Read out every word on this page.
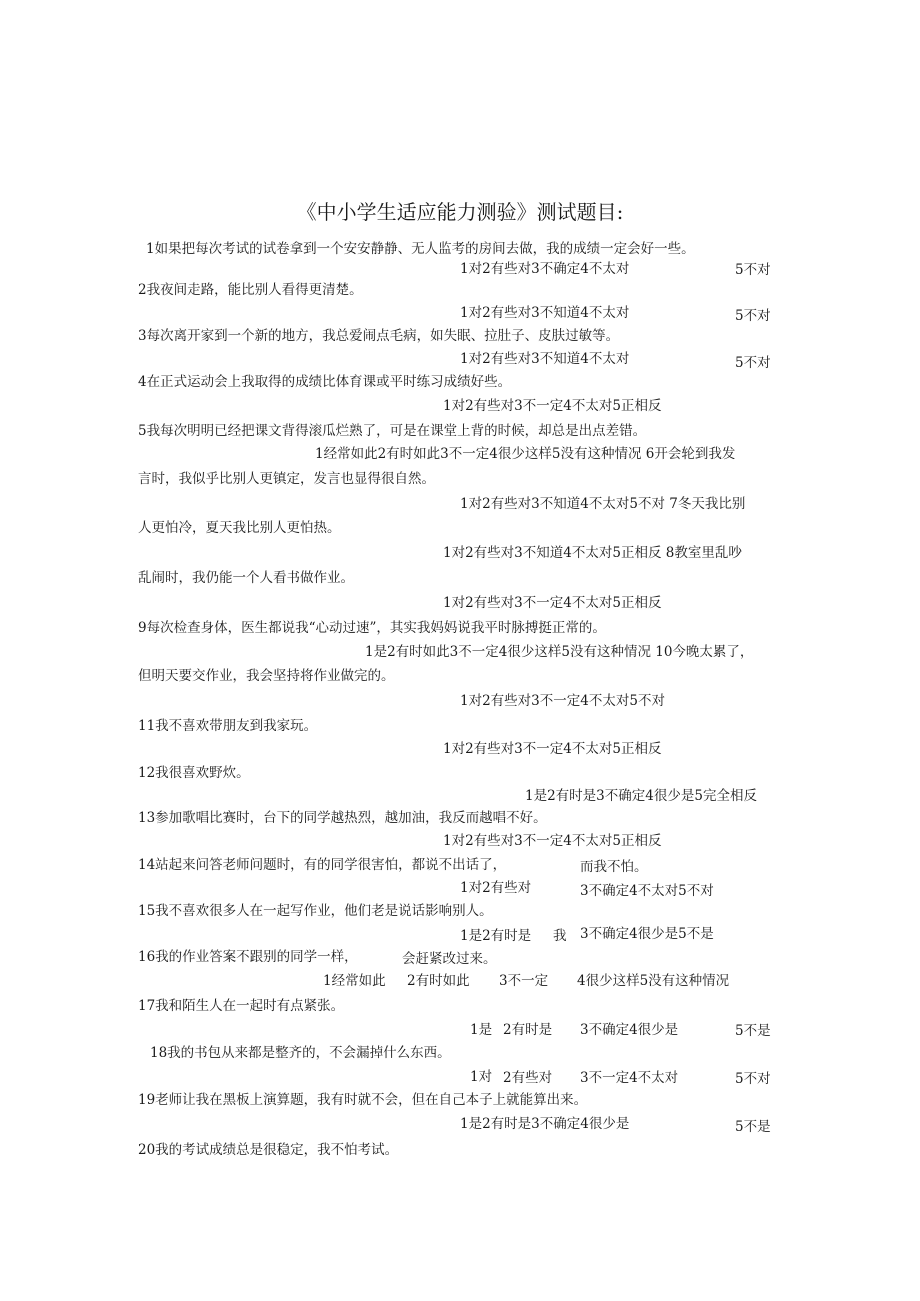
《中小学生适应能力测验》测试题目:
1如果把每次考试的试卷拿到一个安安静静、无人监考的房间去做，我的成绩一定会好一些。
1对2有些对3不确定4不太对	5不对
2我夜间走路，能比别人看得更清楚。
1对2有些对3不知道4不太对	5不对
3每次离开家到一个新的地方，我总爱闹点毛病，如失眠、拉肚子、皮肤过敏等。
1对2有些对3不知道4不太对	5不对
4在正式运动会上我取得的成绩比体育课或平时练习成绩好些。
1对2有些对3不一定4不太对5正相反
5我每次明明已经把课文背得滚瓜烂熟了，可是在课堂上背的时候，却总是出点差错。
1经常如此2有时如此3不一定4很少这样5没有这种情况 6开会轮到我发
言时，我似乎比别人更镇定，发言也显得很自然。
1对2有些对3不知道4不太对5不对 7冬天我比别
人更怕冷，夏天我比别人更怕热。
1对2有些对3不知道4不太对5正相反 8教室里乱吵
乱闹时，我仍能一个人看书做作业。
1对2有些对3不一定4不太对5正相反
9每次检查身体，医生都说我“心动过速”，其实我妈妈说我平时脉搏挺正常的。
1是2有时如此3不一定4很少这样5没有这种情况 10今晚太累了，
但明天要交作业，我会坚持将作业做完的。
1对2有些对3不一定4不太对5不对
11我不喜欢带朋友到我家玩。
1对2有些对3不一定4不太对5正相反
12我很喜欢野炊。
1是2有时是3不确定4很少是5完全相反
13参加歌唱比赛时，台下的同学越热烈，越加油，我反而越唱不好。
1对2有些对3不一定4不太对5正相反
14站起来问答老师问题时，有的同学很害怕，都说不出话了，	而我不怕。
1对2有些对	3不确定4不太对5不对
15我不喜欢很多人在一起写作业，他们老是说话影响别人。
1是2有时是 我 3不确定4很少是5不是
16我的作业答案不跟别的同学一样，	会赶紧改过来。
1经常如此 2有时如此 3不一定 4很少这样5没有这种情况
17我和陌生人在一起时有点紧张。
1是 2有时是 3不确定4很少是	5不是
18我的书包从来都是整齐的，不会漏掉什么东西。
1对 2有些对 3不一定4不太对	5不对
19老师让我在黑板上演算题，我有时就不会，但在自己本子上就能算出来。
1是2有时是3不确定4很少是	5不是
20我的考试成绩总是很稳定，我不怕考试。
